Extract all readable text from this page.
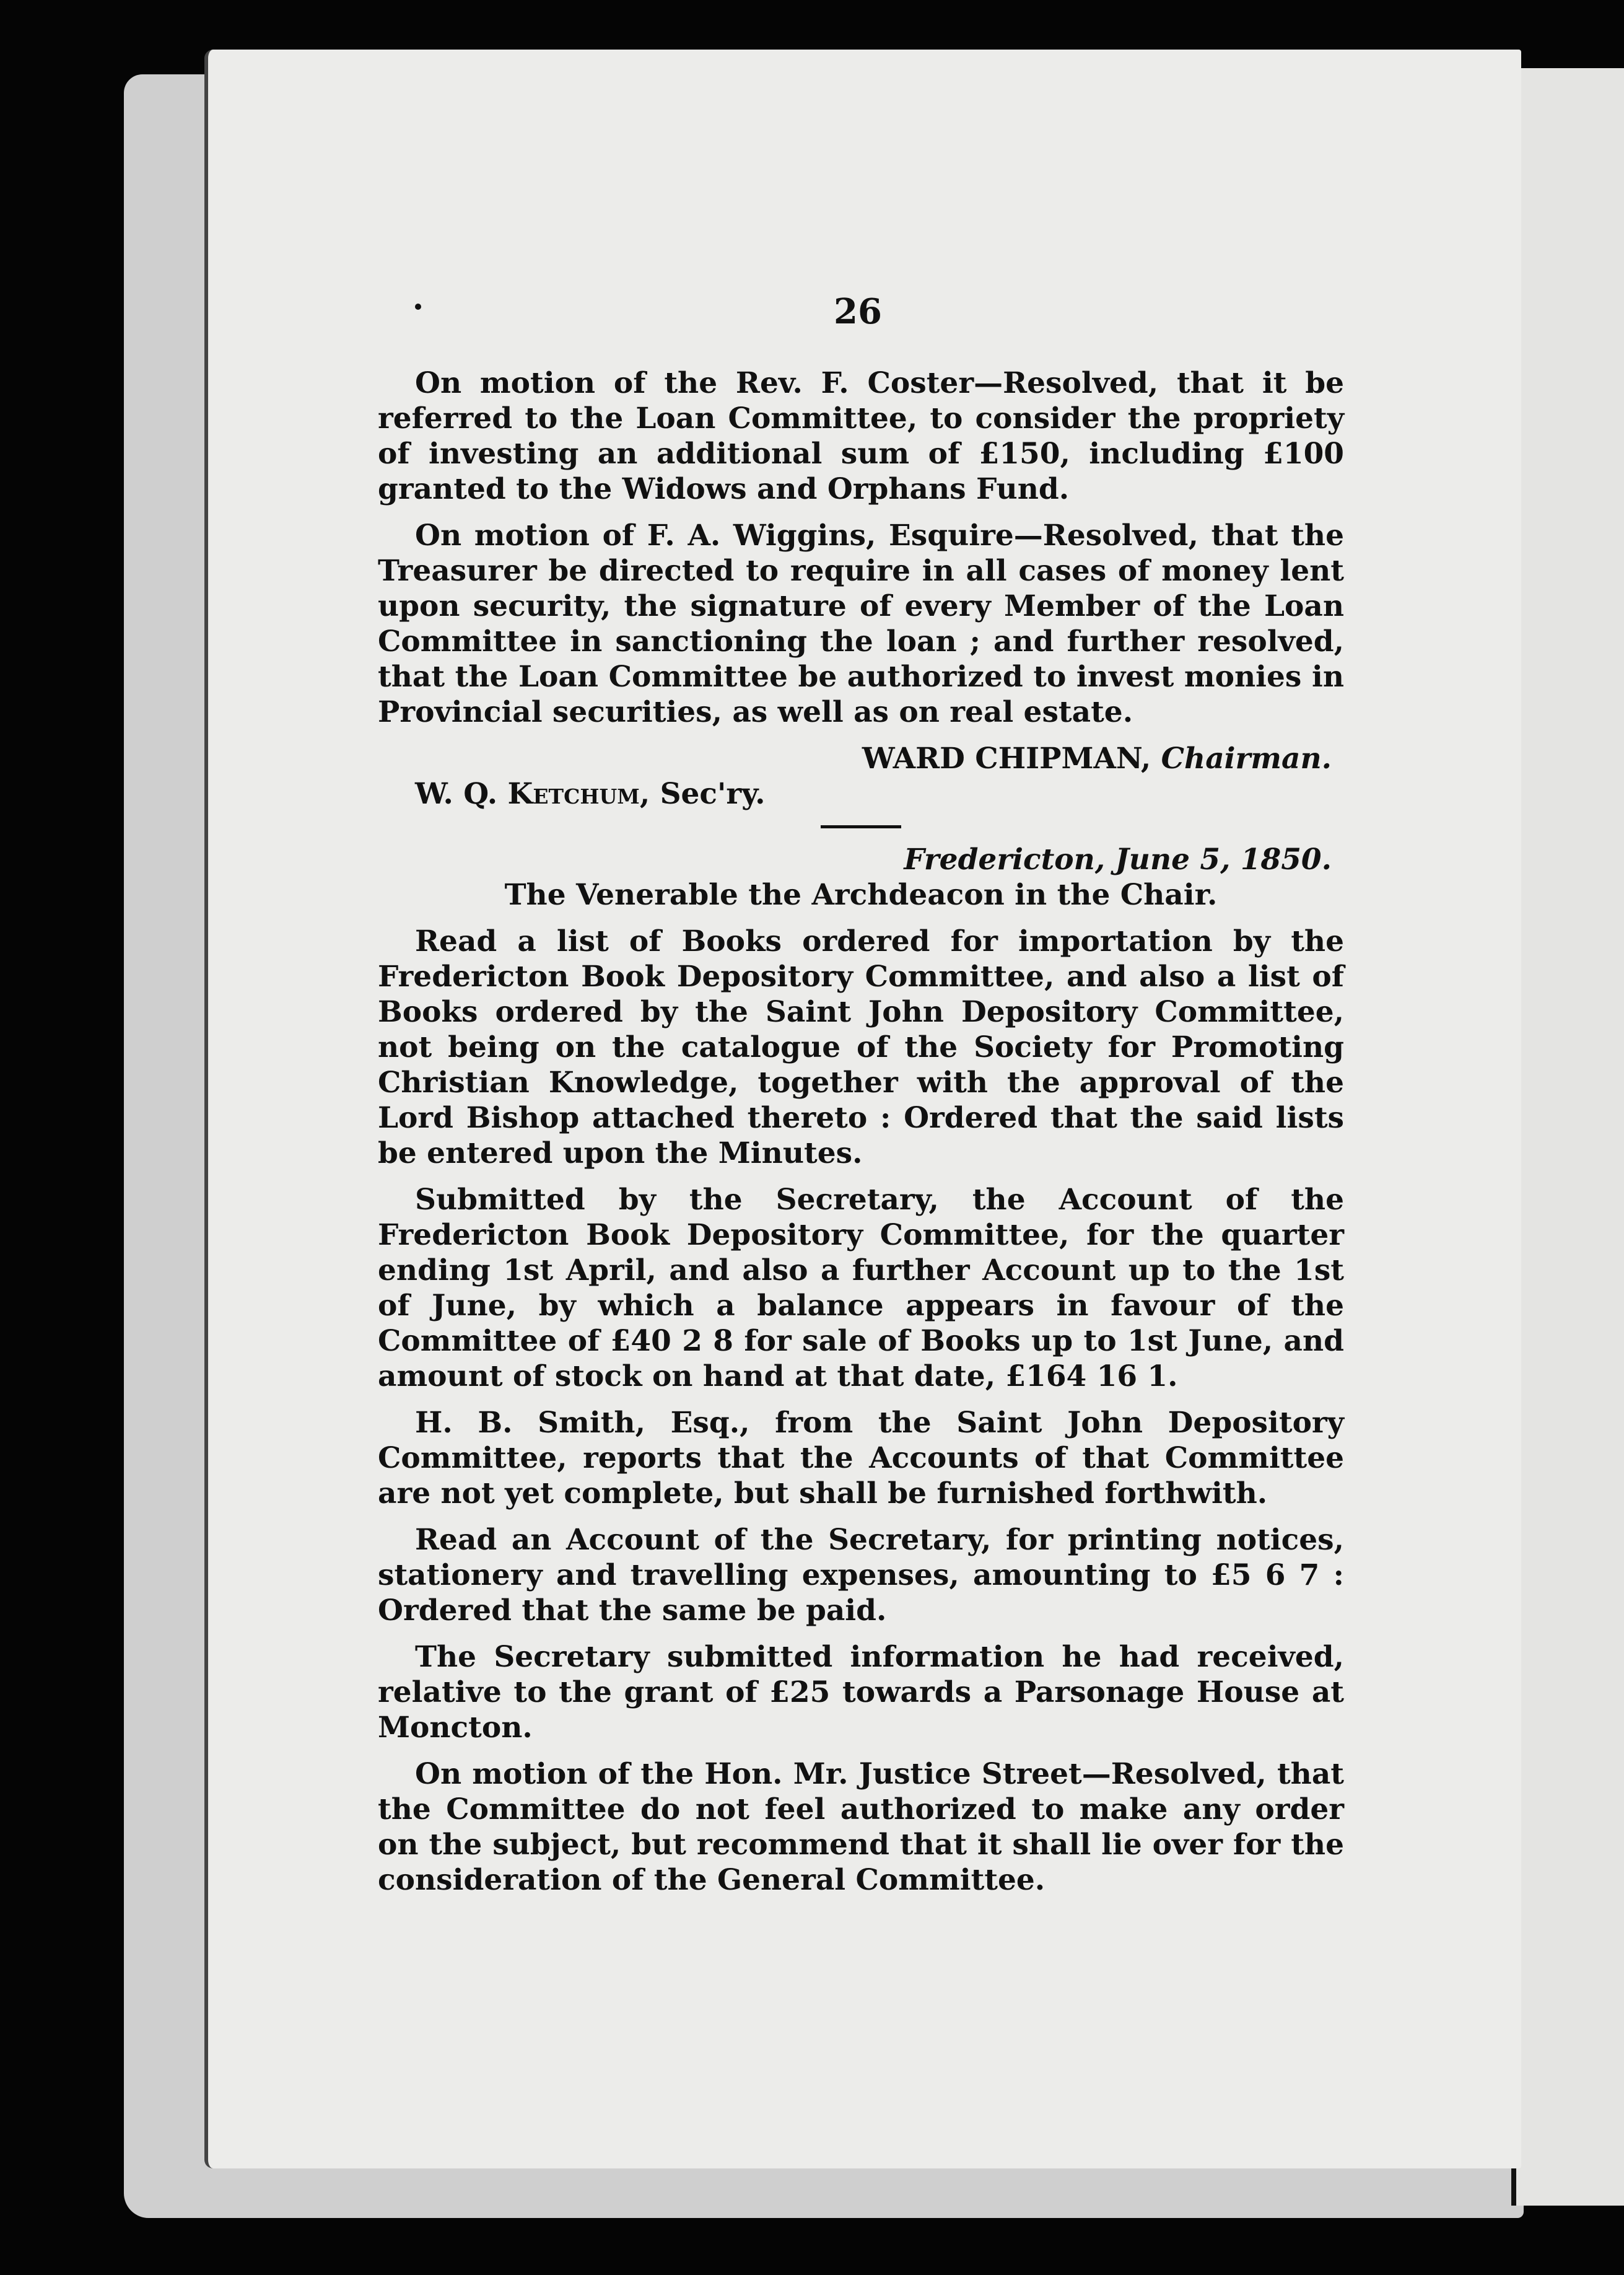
26

On motion of the Rev. F. Coster—Resolved, that it be referred to the Loan Committee, to consider the propriety of investing an additional sum of £150, including £100 granted to the Widows and Orphans Fund.

On motion of F. A. Wiggins, Esquire—Resolved, that the Treasurer be directed to require in all cases of money lent upon security, the signature of every Member of the Loan Committee in sanctioning the loan ; and further resolved, that the Loan Committee be authorized to invest monies in Provincial securities, as well as on real estate.

WARD CHIPMAN, Chairman.

W. Q. Ketchum, Sec'ry.

Fredericton, June 5, 1850.

The Venerable the Archdeacon in the Chair.

Read a list of Books ordered for importation by the Fredericton Book Depository Committee, and also a list of Books ordered by the Saint John Depository Committee, not being on the catalogue of the Society for Promoting Christian Knowledge, together with the approval of the Lord Bishop attached thereto : Ordered that the said lists be entered upon the Minutes.

Submitted by the Secretary, the Account of the Fredericton Book Depository Committee, for the quarter ending 1st April, and also a further Account up to the 1st of June, by which a balance appears in favour of the Committee of £40 2 8 for sale of Books up to 1st June, and amount of stock on hand at that date, £164 16 1.

H. B. Smith, Esq., from the Saint John Depository Committee, reports that the Accounts of that Committee are not yet complete, but shall be furnished forthwith.

Read an Account of the Secretary, for printing notices, stationery and travelling expenses, amounting to £5 6 7 : Ordered that the same be paid.

The Secretary submitted information he had received, relative to the grant of £25 towards a Parsonage House at Moncton.

On motion of the Hon. Mr. Justice Street—Resolved, that the Committee do not feel authorized to make any order on the subject, but recommend that it shall lie over for the consideration of the General Committee.
